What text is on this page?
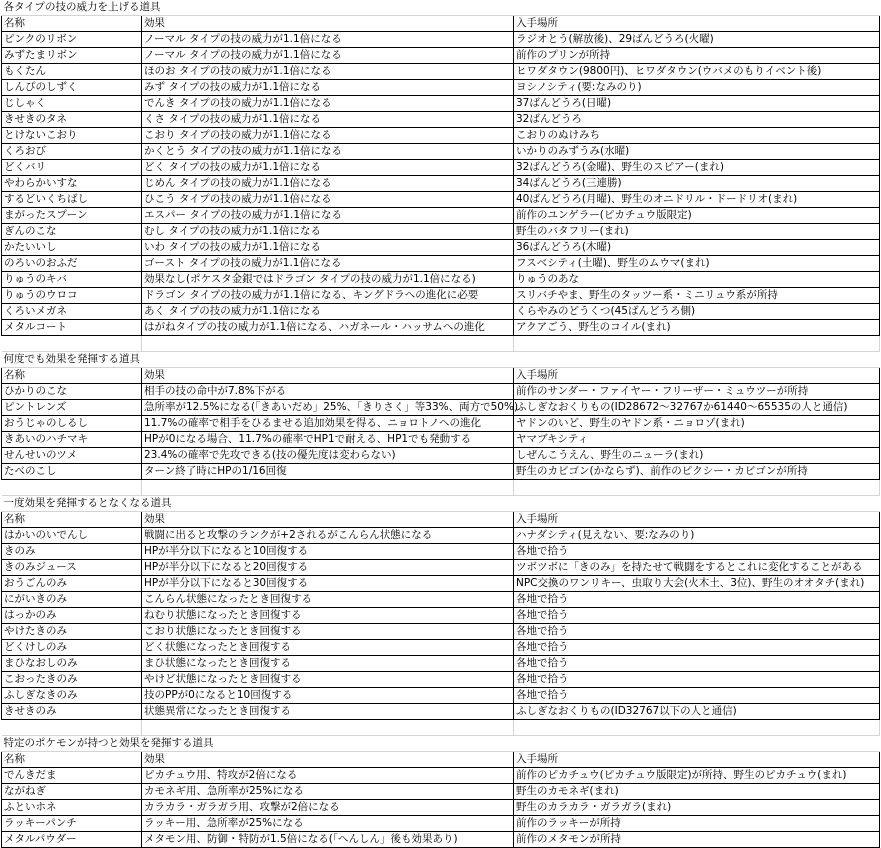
各タイプの技の威力を上げる道具		
名称	効果	入手場所
ピンクのリボン	ノーマル タイプの技の威力が1.1倍になる	ラジオとう(解放後)、29ばんどうろ(火曜)
みずたまリボン	ノーマル タイプの技の威力が1.1倍になる	前作のプリンが所持
もくたん	ほのお タイプの技の威力が1.1倍になる	ヒワダタウン(9800円)、ヒワダタウン(ウバメのもりイベント後)
しんぴのしずく	みず タイプの技の威力が1.1倍になる	ヨシノシティ(要:なみのり)
じしゃく	でんき タイプの技の威力が1.1倍になる	37ばんどうろ(日曜)
きせきのタネ	くさ タイプの技の威力が1.1倍になる	32ばんどうろ
とけないこおり	こおり タイプの技の威力が1.1倍になる	こおりのぬけみち
くろおび	かくとう タイプの技の威力が1.1倍になる	いかりのみずうみ(水曜)
どくバリ	どく タイプの技の威力が1.1倍になる	32ばんどうろ(金曜)、野生のスピアー(まれ)
やわらかいすな	じめん タイプの技の威力が1.1倍になる	34ばんどうろ(三連勝)
するどいくちばし	ひこう タイプの技の威力が1.1倍になる	40ばんどうろ(月曜)、野生のオニドリル・ドードリオ(まれ)
まがったスプーン	エスパー タイプの技の威力が1.1倍になる	前作のユンゲラー(ピカチュウ版限定)
ぎんのこな	むし タイプの技の威力が1.1倍になる	野生のバタフリー(まれ)
かたいいし	いわ タイプの技の威力が1.1倍になる	36ばんどうろ(木曜)
のろいのおふだ	ゴースト タイプの技の威力が1.1倍になる	フスベシティ(土曜)、野生のムウマ(まれ)
りゅうのキバ	効果なし(ポケスタ金銀ではドラゴン タイプの技の威力が1.1倍になる)	りゅうのあな
りゅうのウロコ	ドラゴン タイプの技の威力が1.1倍になる、キングドラへの進化に必要	スリバチやま、野生のタッツー系・ミニリュウ系が所持
くろいメガネ	あく タイプの技の威力が1.1倍になる	くらやみのどうくつ(45ばんどうろ側)
メタルコート	はがねタイプの技の威力が1.1倍になる、ハガネール・ハッサムへの進化	アクアごう、野生のコイル(まれ)

何度でも効果を発揮する道具		
名称	効果	入手場所
ひかりのこな	相手の技の命中が7.8%下がる	前作のサンダー・ファイヤー・フリーザー・ミュウツーが所持
ピントレンズ	急所率が12.5%になる(「きあいだめ」25%、「きりさく」等33%、両方で50%)	ふしぎなおくりもの(ID28672〜32767か61440〜65535の人と通信)
おうじゃのしるし	11.7%の確率で相手をひるませる追加効果を得る、ニョロトノへの進化	ヤドンのいど、野生のヤドン系・ニョロゾ(まれ)
きあいのハチマキ	HPが0になる場合、11.7%の確率でHP1で耐える、HP1でも発動する	ヤマブキシティ
せんせいのツメ	23.4%の確率で先攻できる(技の優先度は変わらない)	しぜんこうえん、野生のニューラ(まれ)
たべのこし	ターン終了時にHPの1/16回復	野生のカビゴン(かならず)、前作のピクシー・カビゴンが所持

一度効果を発揮するとなくなる道具		
名称	効果	入手場所
はかいのいでんし	戦闘に出ると攻撃のランクが+2されるがこんらん状態になる	ハナダシティ(見えない、要:なみのり)
きのみ	HPが半分以下になると10回復する	各地で拾う
きのみジュース	HPが半分以下になると20回復する	ツボツボに「きのみ」を持たせて戦闘をするとこれに変化することがある
おうごんのみ	HPが半分以下になると30回復する	NPC交換のワンリキー、虫取り大会(火木土、3位)、野生のオオタチ(まれ)
にがいきのみ	こんらん状態になったとき回復する	各地で拾う
はっかのみ	ねむり状態になったとき回復する	各地で拾う
やけたきのみ	こおり状態になったとき回復する	各地で拾う
どくけしのみ	どく状態になったとき回復する	各地で拾う
まひなおしのみ	まひ状態になったとき回復する	各地で拾う
こおったきのみ	やけど状態になったとき回復する	各地で拾う
ふしぎなきのみ	技のPPが0になると10回復する	各地で拾う
きせきのみ	状態異常になったとき回復する	ふしぎなおくりもの(ID32767以下の人と通信)

特定のポケモンが持つと効果を発揮する道具		
名称	効果	入手場所
でんきだま	ピカチュウ用、特攻が2倍になる	前作のピカチュウ(ピカチュウ版限定)が所持、野生のピカチュウ(まれ)
ながねぎ	カモネギ用、急所率が25%になる	野生のカモネギ(まれ)
ふといホネ	カラカラ・ガラガラ用、攻撃が2倍になる	野生のカラカラ・ガラガラ(まれ)
ラッキーパンチ	ラッキー用、急所率が25%になる	前作のラッキーが所持
メタルパウダー	メタモン用、防御・特防が1.5倍になる(「へんしん」後も効果あり)	前作のメタモンが所持
